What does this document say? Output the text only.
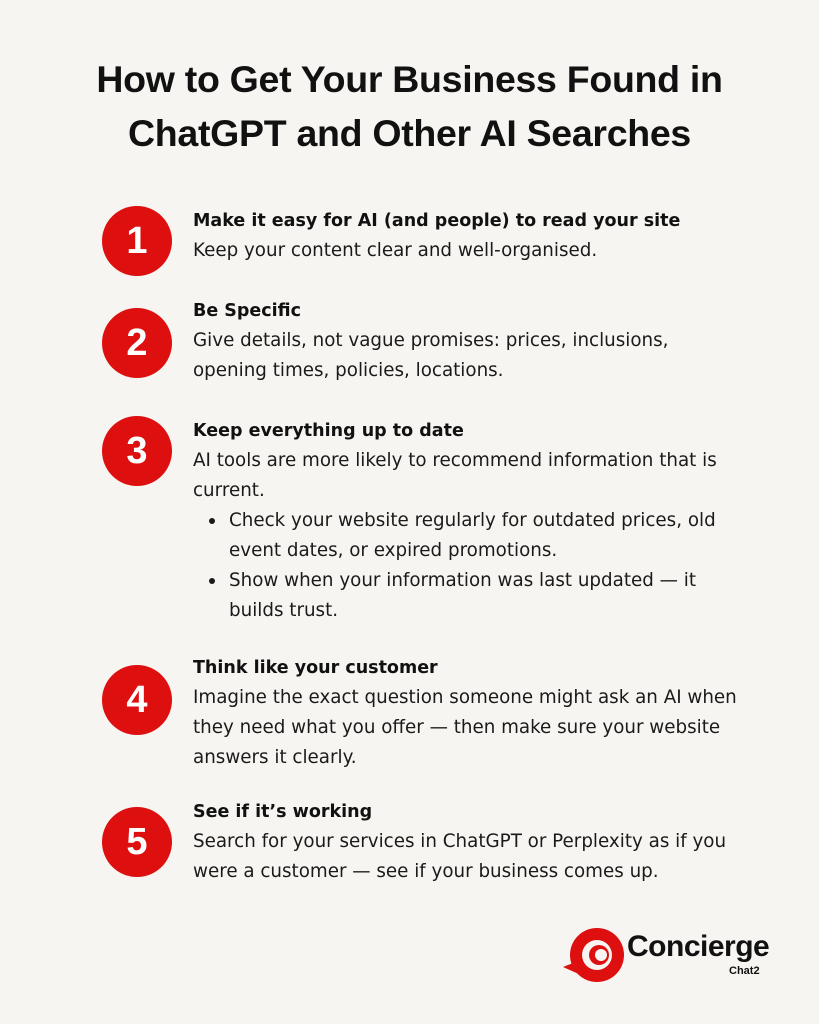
How to Get Your Business Found in
ChatGPT and Other AI Searches
1	Make it easy for AI (and people) to read your site
Keep your content clear and well-organised.
2
Be Specific
Give details, not vague promises: prices, inclusions, opening times, policies, locations.
3	Keep everything up to date
AI tools are more likely to recommend information that is current.
Check your website regularly for outdated prices, old event dates, or expired promotions.
Show when your information was last updated — it builds trust.
4
Think like your customer
Imagine the exact question someone might ask an AI when they need what you offer — then make sure your website answers it clearly.
5
See if it’s working
Search for your services in ChatGPT or Perplexity as if you were a customer — see if your business comes up.
Concierge
Chat2
